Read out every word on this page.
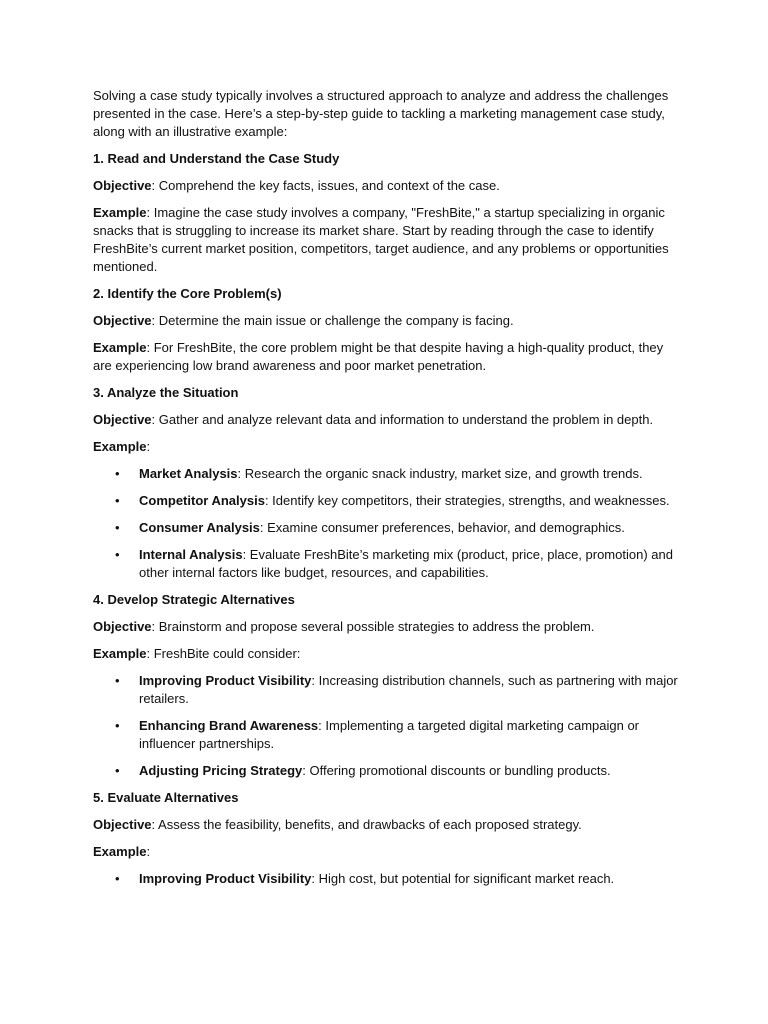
Solving a case study typically involves a structured approach to analyze and address the challenges presented in the case. Here’s a step-by-step guide to tackling a marketing management case study, along with an illustrative example:

1. Read and Understand the Case Study

Objective: Comprehend the key facts, issues, and context of the case.

Example: Imagine the case study involves a company, "FreshBite," a startup specializing in organic snacks that is struggling to increase its market share. Start by reading through the case to identify FreshBite’s current market position, competitors, target audience, and any problems or opportunities mentioned.

2. Identify the Core Problem(s)

Objective: Determine the main issue or challenge the company is facing.

Example: For FreshBite, the core problem might be that despite having a high-quality product, they are experiencing low brand awareness and poor market penetration.

3. Analyze the Situation

Objective: Gather and analyze relevant data and information to understand the problem in depth.

Example:

• Market Analysis: Research the organic snack industry, market size, and growth trends.
• Competitor Analysis: Identify key competitors, their strategies, strengths, and weaknesses.
• Consumer Analysis: Examine consumer preferences, behavior, and demographics.
• Internal Analysis: Evaluate FreshBite’s marketing mix (product, price, place, promotion) and other internal factors like budget, resources, and capabilities.

4. Develop Strategic Alternatives

Objective: Brainstorm and propose several possible strategies to address the problem.

Example: FreshBite could consider:

• Improving Product Visibility: Increasing distribution channels, such as partnering with major retailers.
• Enhancing Brand Awareness: Implementing a targeted digital marketing campaign or influencer partnerships.
• Adjusting Pricing Strategy: Offering promotional discounts or bundling products.

5. Evaluate Alternatives

Objective: Assess the feasibility, benefits, and drawbacks of each proposed strategy.

Example:

• Improving Product Visibility: High cost, but potential for significant market reach.
